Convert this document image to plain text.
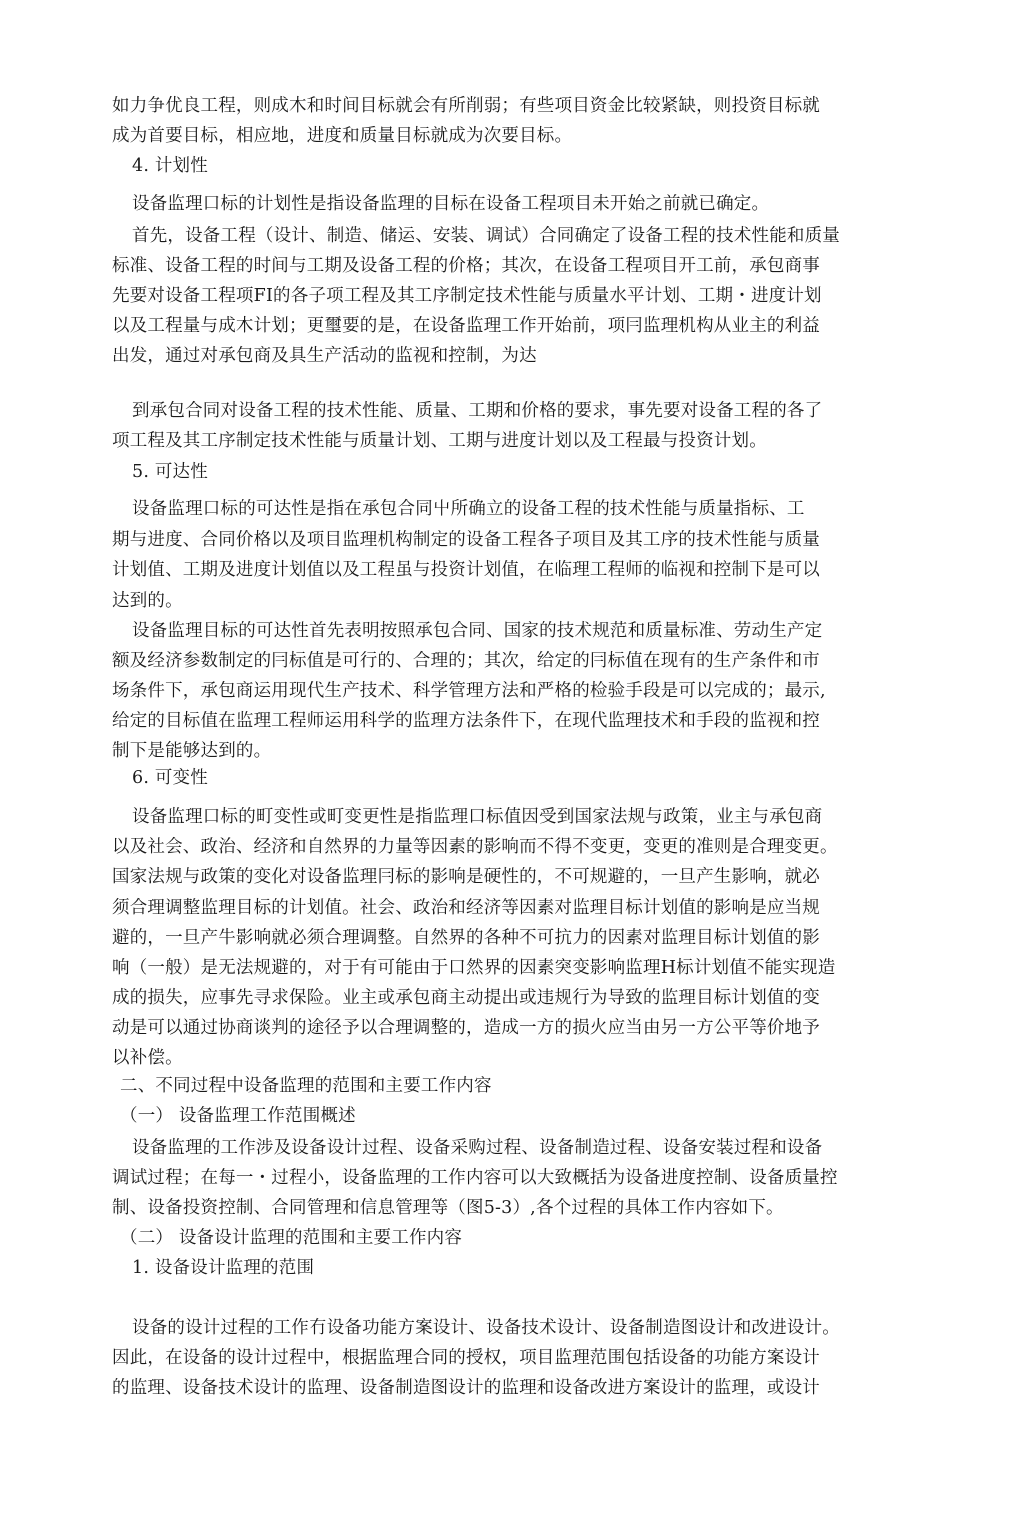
如力争优良工程，则成木和时间目标就会有所削弱；有些项目资金比较紧缺，则投资目标就
成为首要目标，相应地，进度和质量目标就成为次要目标。
4. 计划性
设备监理口标的计划性是指设备监理的目标在设备工程项目未开始之前就已确定。
首先，设备工程（设计、制造、储运、安装、调试）合同确定了设备工程的技术性能和质量
标准、设备工程的时间与工期及设备工程的价格；其次，在设备工程项目开工前，承包商事
先要对设备工程项FI的各子项工程及其工序制定技术性能与质量水平计划、工期・进度计划
以及工程量与成木计划；更璽要的是，在设备监理工作开始前，项冃监理机构从业主的利益
出发，通过对承包商及具生产活动的监视和控制，为达
到承包合同对设备工程的技术性能、质量、工期和价格的要求，事先要对设备工程的各了
项工程及其工序制定技术性能与质量计划、工期与进度计划以及工程最与投资计划。
5. 可达性
设备监理口标的可达性是指在承包合同屮所确立的设备工程的技术性能与质量指标、工
期与进度、合同价格以及项目监理机构制定的设备工程各子项目及其工序的技术性能与质量
计划值、工期及进度计划值以及工程虽与投资计划值，在临理工程师的临视和控制下是可以
达到的。
设备监理目标的可达性首先表明按照承包合同、国家的技术规范和质量标准、劳动生产定
额及经济参数制定的冃标值是可行的、合理的；其次，给定的冃标值在现有的生产条件和市
场条件下，承包商运用现代生产技术、科学管理方法和严格的检验手段是可以完成的；最示,
给定的目标值在监理工程师运用科学的监理方法条件下，在现代监理技术和手段的监视和控
制下是能够达到的。
6. 可变性
设备监理口标的町变性或町变更性是指监理口标值因受到国家法规与政策，业主与承包商
以及社会、政治、经济和自然界的力量等因素的影响而不得不变更，变更的准则是合理变更。
国家法规与政策的变化对设备监理冃标的影响是硬性的，不可规避的，一旦产生影响，就必
须合理调整监理目标的计划值。社会、政治和经济等因素对监理目标计划值的影响是应当规
避的，一旦产牛影响就必须合理调整。自然界的各种不可抗力的因素对监理目标计划值的影
响（一般）是无法规避的，对于有可能由于口然界的因素突变影响监理H标计划值不能实现造
成的损失，应事先寻求保险。业主或承包商主动提出或违规行为导致的监理目标计划值的变
动是可以通过协商谈判的途径予以合理调整的，造成一方的损火应当由另一方公平等价地予
以补偿。
二、不同过程中设备监理的范围和主要工作内容
（一） 设备监理工作范围概述
设备监理的工作涉及设备设计过程、设备采购过程、设备制造过程、设备安装过程和设备
调试过程；在每一・过程小，设备监理的工作内容可以大致概括为设备进度控制、设备质量控
制、设备投资控制、合同管理和信息管理等（图5-3）,各个过程的具体工作内容如下。
（二） 设备设计监理的范围和主要工作内容
1. 设备设计监理的范围
设备的设计过程的工作冇设备功能方案设计、设备技术设计、设备制造图设计和改进设计。
因此，在设备的设计过程中，根据监理合同的授权，项目监理范围包括设备的功能方案设计
的监理、设备技术设计的监理、设备制造图设计的监理和设备改进方案设计的监理，或设计
